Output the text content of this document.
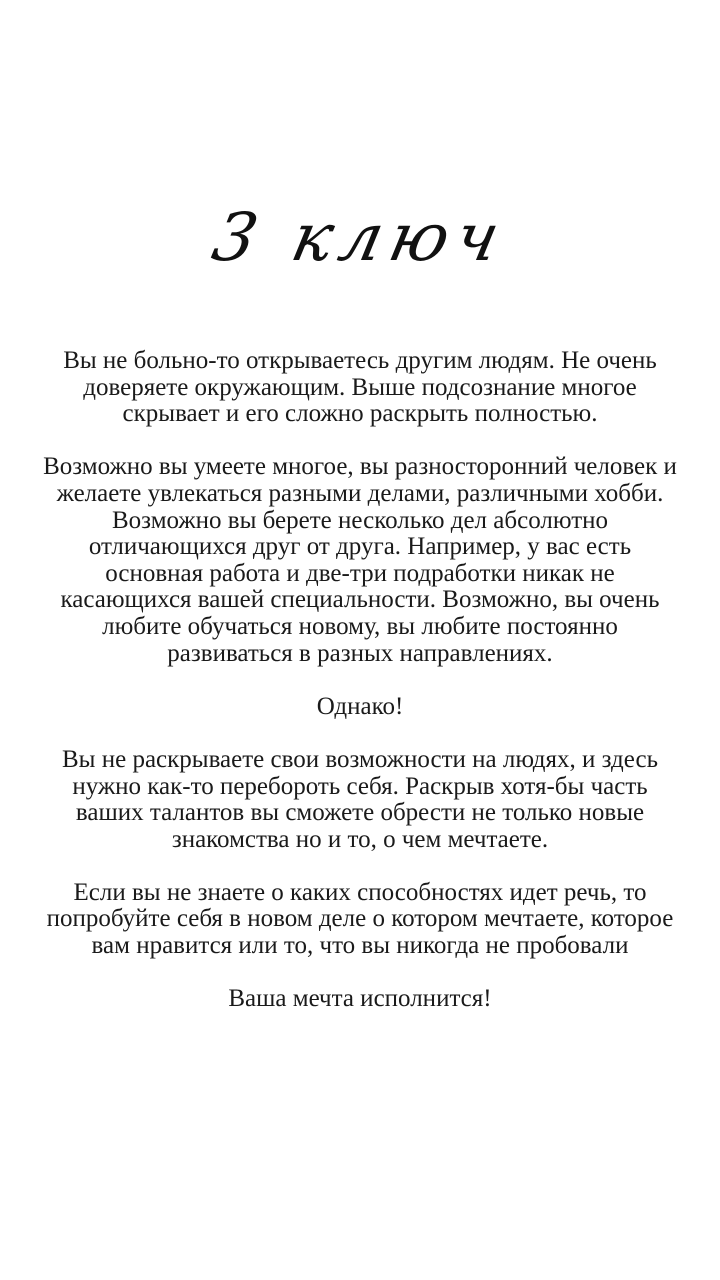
3 ключ

Вы не больно-то открываетесь другим людям. Не очень доверяете окружающим. Выше подсознание многое скрывает и его сложно раскрыть полностью.

Возможно вы умеете многое, вы разносторонний человек и желаете увлекаться разными делами, различными хобби. Возможно вы берете несколько дел абсолютно отличающихся друг от друга. Например, у вас есть основная работа и две-три подработки никак не касающихся вашей специальности. Возможно, вы очень любите обучаться новому, вы любите постоянно развиваться в разных направлениях.

Однако!

Вы не раскрываете свои возможности на людях, и здесь нужно как-то перебороть себя. Раскрыв хотя-бы часть ваших талантов вы сможете обрести не только новые знакомства но и то, о чем мечтаете.

Если вы не знаете о каких способностях идет речь, то попробуйте себя в новом деле о котором мечтаете, которое вам нравится или то, что вы никогда не пробовали

Ваша мечта исполнится!
